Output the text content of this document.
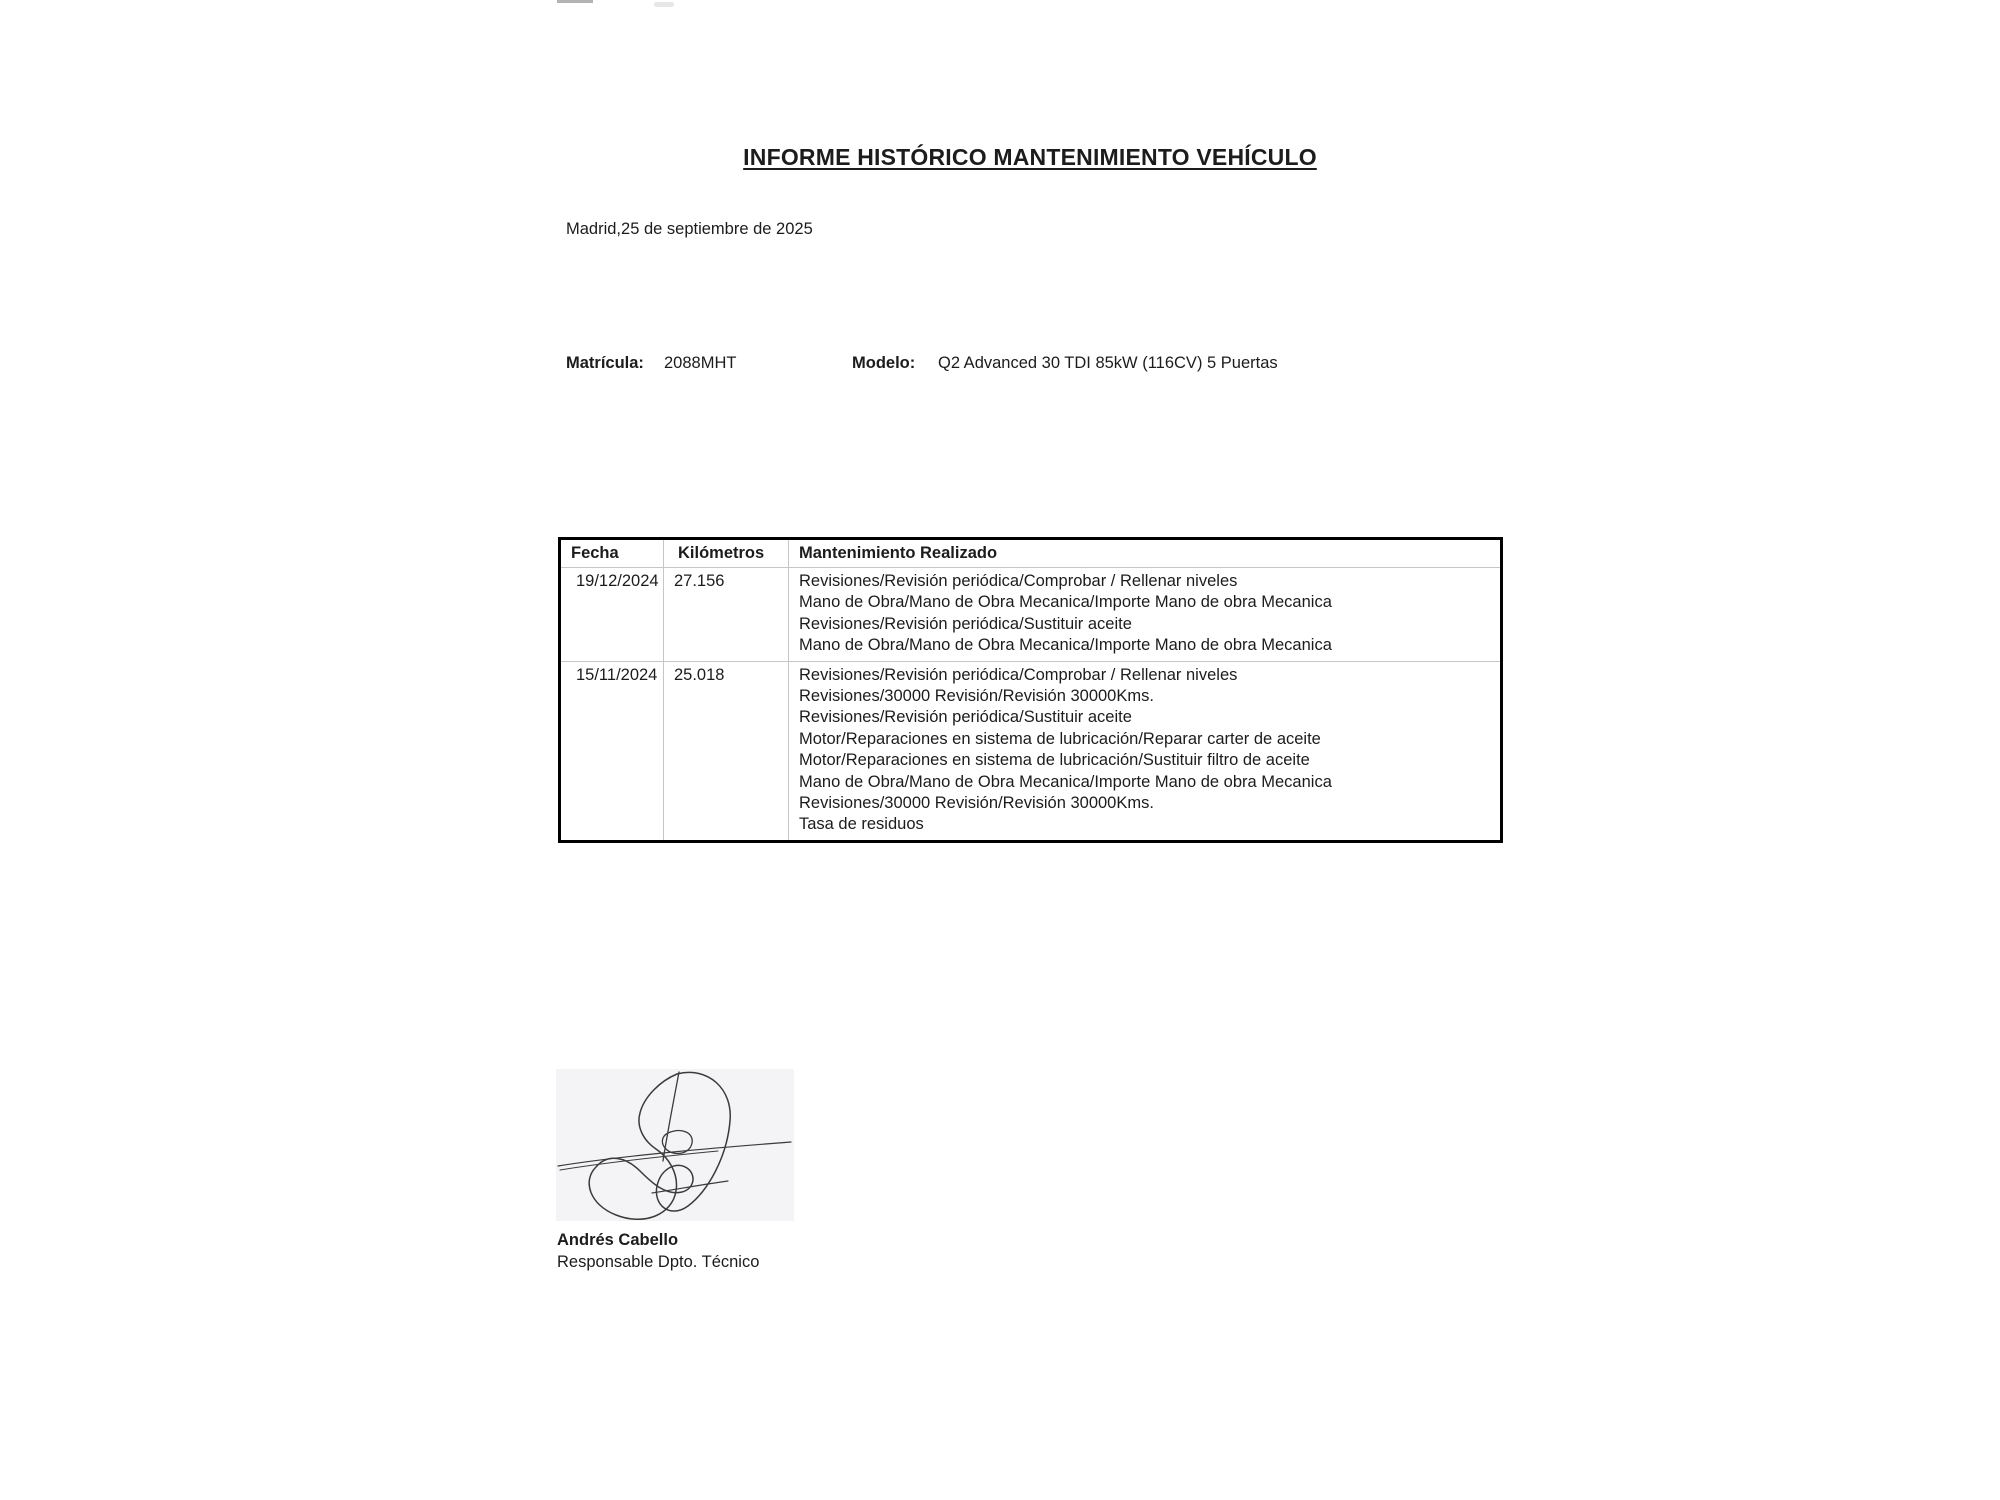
INFORME HISTÓRICO MANTENIMIENTO VEHÍCULO
Madrid,25 de septiembre de 2025
Matrícula: 2088MHT	Modelo: Q2 Advanced 30 TDI 85kW (116CV) 5 Puertas
Fecha	Kilómetros	Mantenimiento Realizado
19/12/2024	27.156	Revisiones/Revisión periódica/Comprobar / Rellenar niveles
Mano de Obra/Mano de Obra Mecanica/Importe Mano de obra Mecanica
Revisiones/Revisión periódica/Sustituir aceite
Mano de Obra/Mano de Obra Mecanica/Importe Mano de obra Mecanica

15/11/2024	25.018	Revisiones/Revisión periódica/Comprobar / Rellenar niveles
Revisiones/30000 Revisión/Revisión 30000Kms.
Revisiones/Revisión periódica/Sustituir aceite
Motor/Reparaciones en sistema de lubricación/Reparar carter de aceite
Motor/Reparaciones en sistema de lubricación/Sustituir filtro de aceite
Mano de Obra/Mano de Obra Mecanica/Importe Mano de obra Mecanica
Revisiones/30000 Revisión/Revisión 30000Kms.
Tasa de residuos
Andrés Cabello
Responsable Dpto. Técnico
